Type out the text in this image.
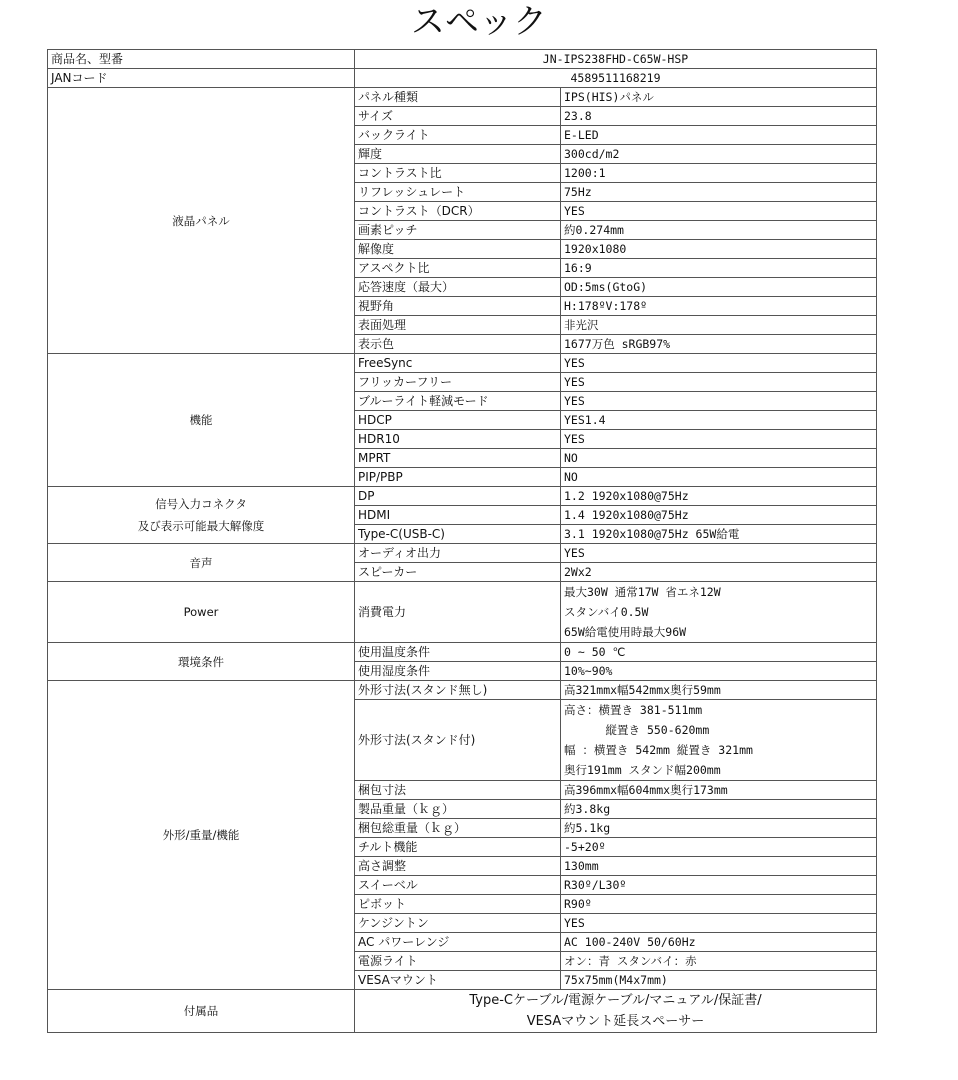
スペック
商品名、型番	JN-IPS238FHD-C65W-HSP	
JANコード	4589511168219	
液晶パネル	パネル種類	IPS(HIS)パネル
	サイズ	23.8
	バックライト	E-LED
	輝度	300cd/m2
	コントラスト比	1200:1
	リフレッシュレート	75Hz
	コントラスト（DCR）	YES
	画素ピッチ	約0.274mm
	解像度	1920x1080
	アスペクト比	16:9
	応答速度（最大）	OD:5ms(GtoG)
	視野角	H:178ºV:178º
	表面処理	非光沢
	表示色	1677万色 sRGB97%
機能	FreeSync	YES
	フリッカーフリー	YES
	ブルーライト軽減モード	YES
	HDCP	YES1.4
	HDR10	YES
	MPRT	NO
	PIP/PBP	NO
信号入力コネクタ
及び表示可能最大解像度	DP	1.2 1920x1080@75Hz
	HDMI	1.4 1920x1080@75Hz
	Type-C(USB-C)	3.1 1920x1080@75Hz 65W給電
音声	オーディオ出力	YES
	スピーカー	2Wx2
Power	消費電力	最大30W 通常17W 省エネ12W
スタンバイ0.5W
65W給電使用時最大96W

環境条件	使用温度条件	0 ~ 50 ℃
	使用湿度条件	10%~90%
外形/重量/機能	外形寸法(スタンド無し)	高321mmx幅542mmx奥行59mm
	外形寸法(スタンド付)	高さ：横置き 381-511mm
縦置き 550-620mm
幅 ：横置き 542mm 縦置き 321mm
奥行191mm スタンド幅200mm

	梱包寸法	高396mmx幅604mmx奥行173mm
	製品重量（ｋｇ）	約3.8kg
	梱包総重量（ｋｇ）	約5.1kg
	チルト機能	-5+20º
	高さ調整	130mm
	スイーベル	R30º/L30º
	ピボット	R90º
	ケンジントン	YES
	AC パワーレンジ	AC 100-240V 50/60Hz
	電源ライト	オン：青 スタンバイ：赤
	VESAマウント	75x75mm(M4x7mm)
付属品	Type-Cケーブル/電源ケーブル/マニュアル/保証書/
VESAマウント延長スペーサー	
